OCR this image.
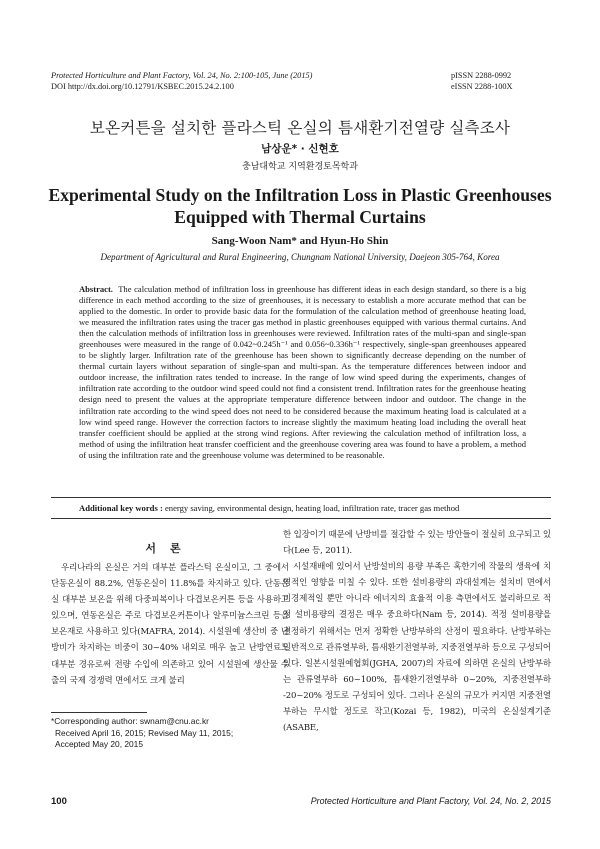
Protected Horticulture and Plant Factory, Vol. 24, No. 2:100-105, June (2015)
DOI http://dx.doi.org/10.12791/KSBEC.2015.24.2.100
pISSN 2288-0992
eISSN 2288-100X
보온커튼을 설치한 플라스틱 온실의 틈새환기전열량 실측조사
남상운* · 신현호
충남대학교 지역환경토목학과
Experimental Study on the Infiltration Loss in Plastic Greenhouses
Equipped with Thermal Curtains
Sang-Woon Nam* and Hyun-Ho Shin
Department of Agricultural and Rural Engineering, Chungnam National University, Daejeon 305-764, Korea
Abstract. The calculation method of infiltration loss in greenhouse has different ideas in each design standard, so there is a big difference in each method according to the size of greenhouses, it is necessary to establish a more accurate method that can be applied to the domestic. In order to provide basic data for the formulation of the calculation method of greenhouse heating load, we measured the infiltration rates using the tracer gas method in plastic greenhouses equipped with various thermal curtains. And then the calculation methods of infiltration loss in greenhouses were reviewed. Infiltration rates of the multi-span and single-span greenhouses were measured in the range of 0.042~0.245h⁻¹ and 0.056~0.336h⁻¹ respectively, single-span greenhouses appeared to be slightly larger. Infiltration rate of the greenhouse has been shown to significantly decrease depending on the number of thermal curtain layers without separation of single-span and multi-span. As the temperature differences between indoor and outdoor increase, the infiltration rates tended to increase. In the range of low wind speed during the experiments, changes of infiltration rate according to the outdoor wind speed could not find a consistent trend. Infiltration rates for the greenhouse heating design need to present the values at the appropriate temperature difference between indoor and outdoor. The change in the infiltration rate according to the wind speed does not need to be considered because the maximum heating load is calculated at a low wind speed range. However the correction factors to increase slightly the maximum heating load including the overall heat transfer coefficient should be applied at the strong wind regions. After reviewing the calculation method of infiltration loss, a method of using the infiltration heat transfer coefficient and the greenhouse covering area was found to have a problem, a method of using the infiltration rate and the greenhouse volume was determined to be reasonable.
Additional key words : energy saving, environmental design, heating load, infiltration rate, tracer gas method
서론

우리나라의 온실은 거의 대부분 플라스틱 온실이고, 그 중에서 단동온실이 88.2%, 연동온실이 11.8%를 차지하고 있다. 단동온실 대부분 보온을 위해 다중피복이나 다겹보온커튼 등을 사용하고 있으며, 연동온실은 주로 다겹보온커튼이나 알루미늄스크린 등을 보온재로 사용하고 있다(MAFRA, 2014). 시설원예 생산비 중 난방비가 차지하는 비중이 30~40% 내외로 매우 높고 난방연료도 대부분 경유로써 전량 수입에 의존하고 있어 시설원예 생산물 수출의 국제 경쟁력 면에서도 크게 불리

한 입장이기 때문에 난방비를 절감할 수 있는 방안들이 절실히 요구되고 있다(Lee 등, 2011).

시설재배에 있어서 난방설비의 용량 부족은 혹한기에 작물의 생육에 치명적인 영향을 미칠 수 있다. 또한 설비용량의 과대설계는 설치비 면에서 비경제적일 뿐만 아니라 에너지의 효율적 이용 측면에서도 불리하므로 적정 설비용량의 결정은 매우 중요하다(Nam 등, 2014). 적정 설비용량을 결정하기 위해서는 먼저 정확한 난방부하의 산정이 필요하다. 난방부하는 일반적으로 관류열부하, 틈새환기전열부하, 지중전열부하 등으로 구성되어 있다. 일본시설원예협회(JGHA, 2007)의 자료에 의하면 온실의 난방부하는 관류열부하 60~100%, 틈새환기전열부하 0~20%, 지중전열부하 -20~20% 정도로 구성되어 있다. 그러나 온실의 규모가 커지면 지중전열부하는 무시할 정도로 작고(Kozai 등, 1982), 미국의 온실설계기준(ASABE,

*Corresponding author: swnam@cnu.ac.kr
Received April 16, 2015; Revised May 11, 2015;
Accepted May 20, 2015
100	Protected Horticulture and Plant Factory, Vol. 24, No. 2, 2015
